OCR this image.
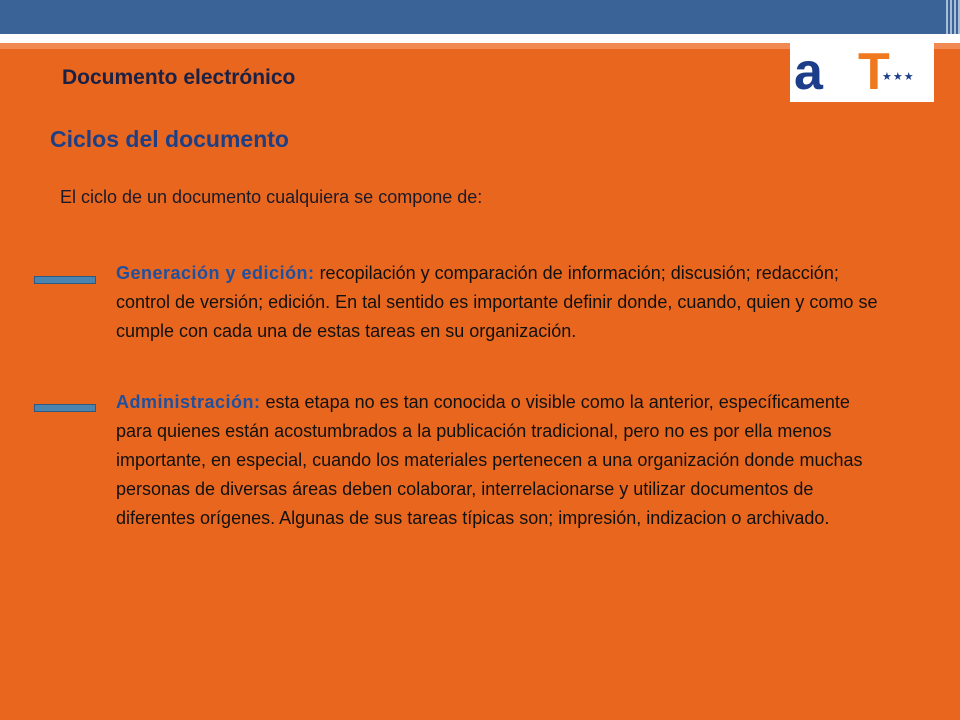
a T
★★★
Documento electrónico
Ciclos del documento

El ciclo de un documento cualquiera se compone de:

Generación y edición: recopilación y comparación de información; discusión; redacción; control de versión; edición. En tal sentido es importante definir donde, cuando, quien y como se cumple con cada una de estas tareas en su organización.

Administración: esta etapa no es tan conocida o visible como la anterior, específicamente para quienes están acostumbrados a la publicación tradicional, pero no es por ella menos importante, en especial, cuando los materiales pertenecen a una organización donde muchas personas de diversas áreas deben colaborar, interrelacionarse y utilizar documentos de diferentes orígenes. Algunas de sus tareas típicas son; impresión, indizacion o archivado.
